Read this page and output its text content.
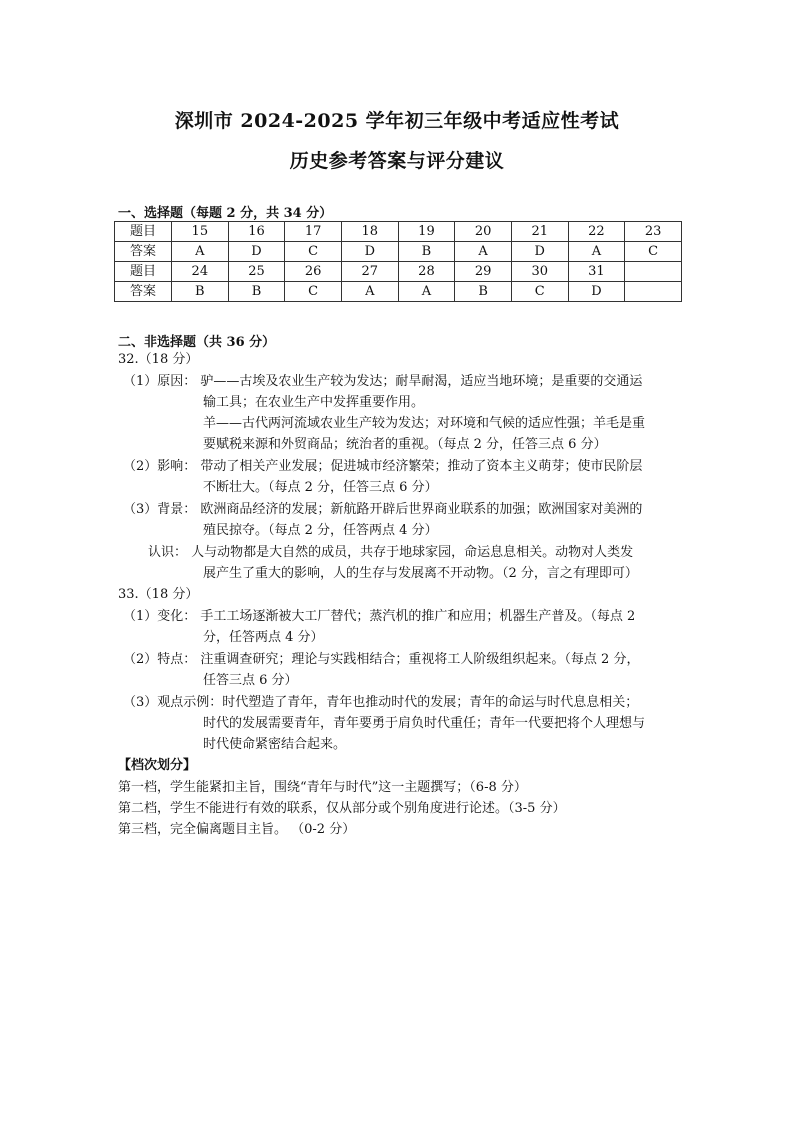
深圳市 2024-2025 学年初三年级中考适应性考试
历史参考答案与评分建议
一、选择题（每题 2 分，共 34 分）
题目	15	16	17	18	19	20	21	22	23
答案	A	D	C	D	B	A	D	A	C
题目	24	25	26	27	28	29	30	31	
答案	B	B	C	A	A	B	C	D	
二、非选择题（共 36 分）
32.（18 分）
（1）原因： 驴——古埃及农业生产较为发达；耐旱耐渴，适应当地环境；是重要的交通运
输工具；在农业生产中发挥重要作用。
羊——古代两河流域农业生产较为发达；对环境和气候的适应性强；羊毛是重
要赋税来源和外贸商品；统治者的重视。（每点 2 分，任答三点 6 分）
（2）影响： 带动了相关产业发展；促进城市经济繁荣；推动了资本主义萌芽；使市民阶层
不断壮大。（每点 2 分，任答三点 6 分）
（3）背景： 欧洲商品经济的发展；新航路开辟后世界商业联系的加强；欧洲国家对美洲的
殖民掠夺。（每点 2 分，任答两点 4 分）
认识： 人与动物都是大自然的成员，共存于地球家园，命运息息相关。动物对人类发
展产生了重大的影响，人的生存与发展离不开动物。（2 分，言之有理即可）
33.（18 分）
（1）变化： 手工工场逐渐被大工厂替代；蒸汽机的推广和应用；机器生产普及。（每点 2
分，任答两点 4 分）
（2）特点： 注重调查研究；理论与实践相结合；重视将工人阶级组织起来。（每点 2 分，
任答三点 6 分）
（3）观点示例：时代塑造了青年，青年也推动时代的发展；青年的命运与时代息息相关；
时代的发展需要青年，青年要勇于肩负时代重任；青年一代要把将个人理想与
时代使命紧密结合起来。
【档次划分】
第一档，学生能紧扣主旨，围绕“青年与时代”这一主题撰写；（6-8 分）
第二档，学生不能进行有效的联系，仅从部分或个别角度进行论述。（3-5 分）
第三档，完全偏离题目主旨。 （0-2 分）
